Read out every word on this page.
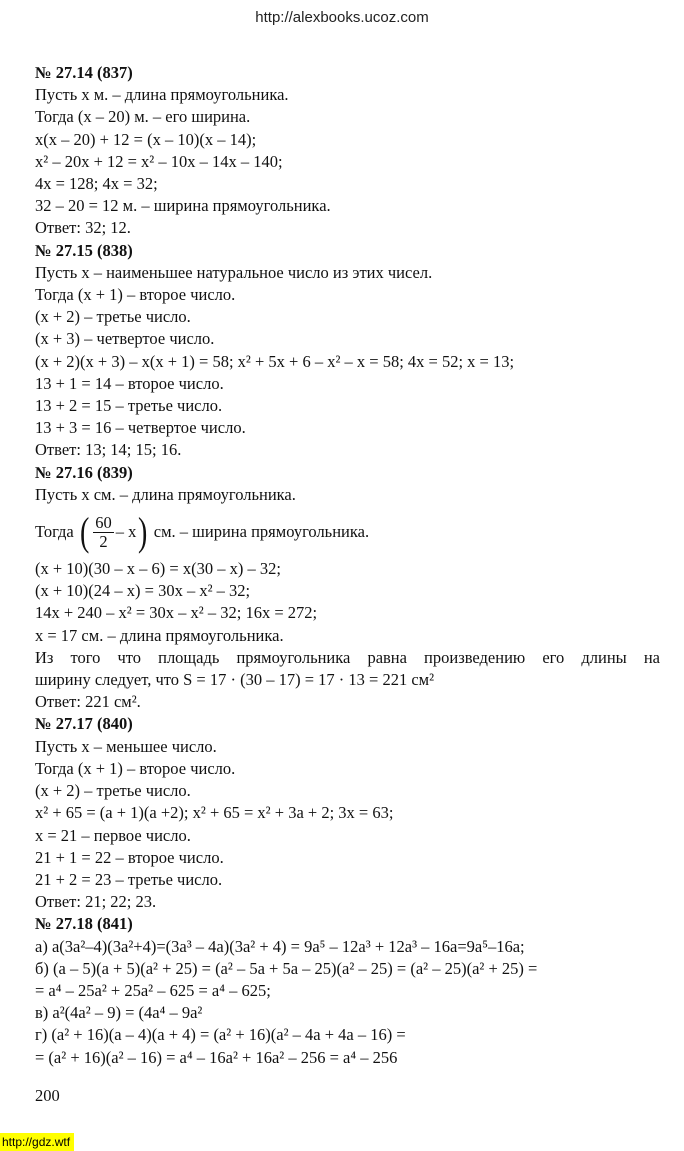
http://alexbooks.ucoz.com
№ 27.14 (837)
Пусть x м. – длина прямоугольника.
Тогда (x – 20) м. – его ширина.
x(x – 20) + 12 = (x – 10)(x – 14);
x² – 20x + 12 = x² – 10x – 14x – 140;
4x = 128; 4x = 32;
32 – 20 = 12 м. – ширина прямоугольника.
Ответ: 32; 12.
№ 27.15 (838)
Пусть x – наименьшее натуральное число из этих чисел.
Тогда (x + 1) – второе число.
(x + 2) – третье число.
(x + 3) – четвертое число.
(x + 2)(x + 3) – x(x + 1) = 58; x² + 5x + 6 – x² – x = 58; 4x = 52; x = 13;
13 + 1 = 14 – второе число.
13 + 2 = 15 – третье число.
13 + 3 = 16 – четвертое число.
Ответ: 13; 14; 15; 16.
№ 27.16 (839)
Пусть x см. – длина прямоугольника.
Тогда
( $\frac{60}{2}$ – x )
см. – ширина прямоугольника.
(x + 10)(30 – x – 6) = x(30 – x) – 32;
(x + 10)(24 – x) = 30x – x² – 32;
14x + 240 – x² = 30x – x² – 32; 16x = 272;
x = 17 см. – длина прямоугольника.
Из того что площадь прямоугольника равна произведению его длины на
ширину следует, что S = 17 · (30 – 17) = 17 · 13 = 221 см²
Ответ: 221 см².
№ 27.17 (840)
Пусть x – меньшее число.
Тогда (x + 1) – второе число.
(x + 2) – третье число.
x² + 65 = (a + 1)(a +2); x² + 65 = x² + 3a + 2; 3x = 63;
x = 21 – первое число.
21 + 1 = 22 – второе число.
21 + 2 = 23 – третье число.
Ответ: 21; 22; 23.
№ 27.18 (841)
а) a(3a²–4)(3a²+4)=(3a³ – 4a)(3a² + 4) = 9a⁵ – 12a³ + 12a³ – 16a=9a⁵–16a;
б) (a – 5)(a + 5)(a² + 25) = (a² – 5a + 5a – 25)(a² – 25) = (a² – 25)(a² + 25) =
= a⁴ – 25a² + 25a² – 625 = a⁴ – 625;
в) a²(4a² – 9) = (4a⁴ – 9a²
г) (a² + 16)(a – 4)(a + 4) = (a² + 16)(a² – 4a + 4a – 16) =
= (a² + 16)(a² – 16) = a⁴ – 16a² + 16a² – 256 = a⁴ – 256
200
http://gdz.wtf
